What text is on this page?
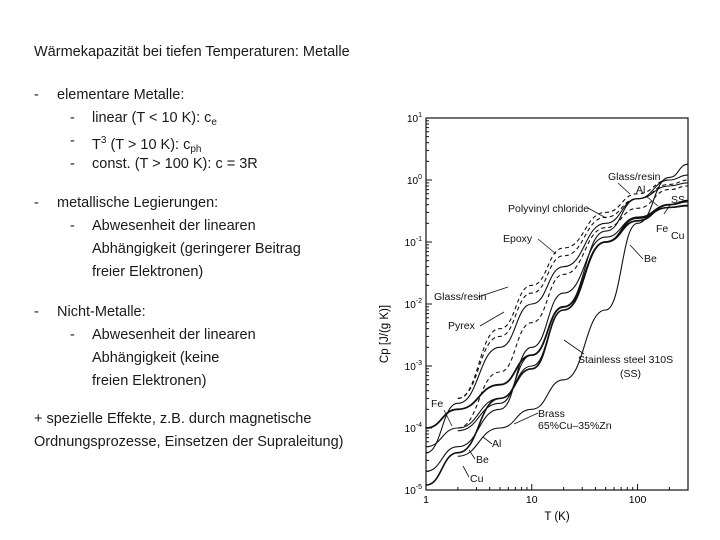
Wärmekapazität bei tiefen Temperaturen: Metalle
- elementare Metalle:
- linear (T < 10 K): $c_e$
- $T^3$ (T > 10 K): $c_{ph}$
- const. (T > 100 K): c = 3R
- metallische Legierungen:
- Abwesenheit der linearen
Abhängigkeit (geringerer Beitrag
freier Elektronen)
- Nicht-Metalle:
- Abwesenheit der linearen
Abhängigkeit (keine
freien Elektronen)
+ spezielle Effekte, z.B. durch magnetische
Ordnungsprozesse, Einsetzen der Supraleitung)
1	10	100
$10^{-5}$
$10^{-4}$
$10^{-3}$
$10^{-2}$
$10^{-1}$
$10^0$
$10^1$
Glass/resin
Al
Polyvinyl chloride
SS
Epoxy
Fe
Cu
Be
Glass/resin
Pyrex
Stainless steel 310S
(SS)
Fe
Brass
65%Cu–35%Zn
Al
Be
Cu
Cp [J/(g K)]
T (K)
